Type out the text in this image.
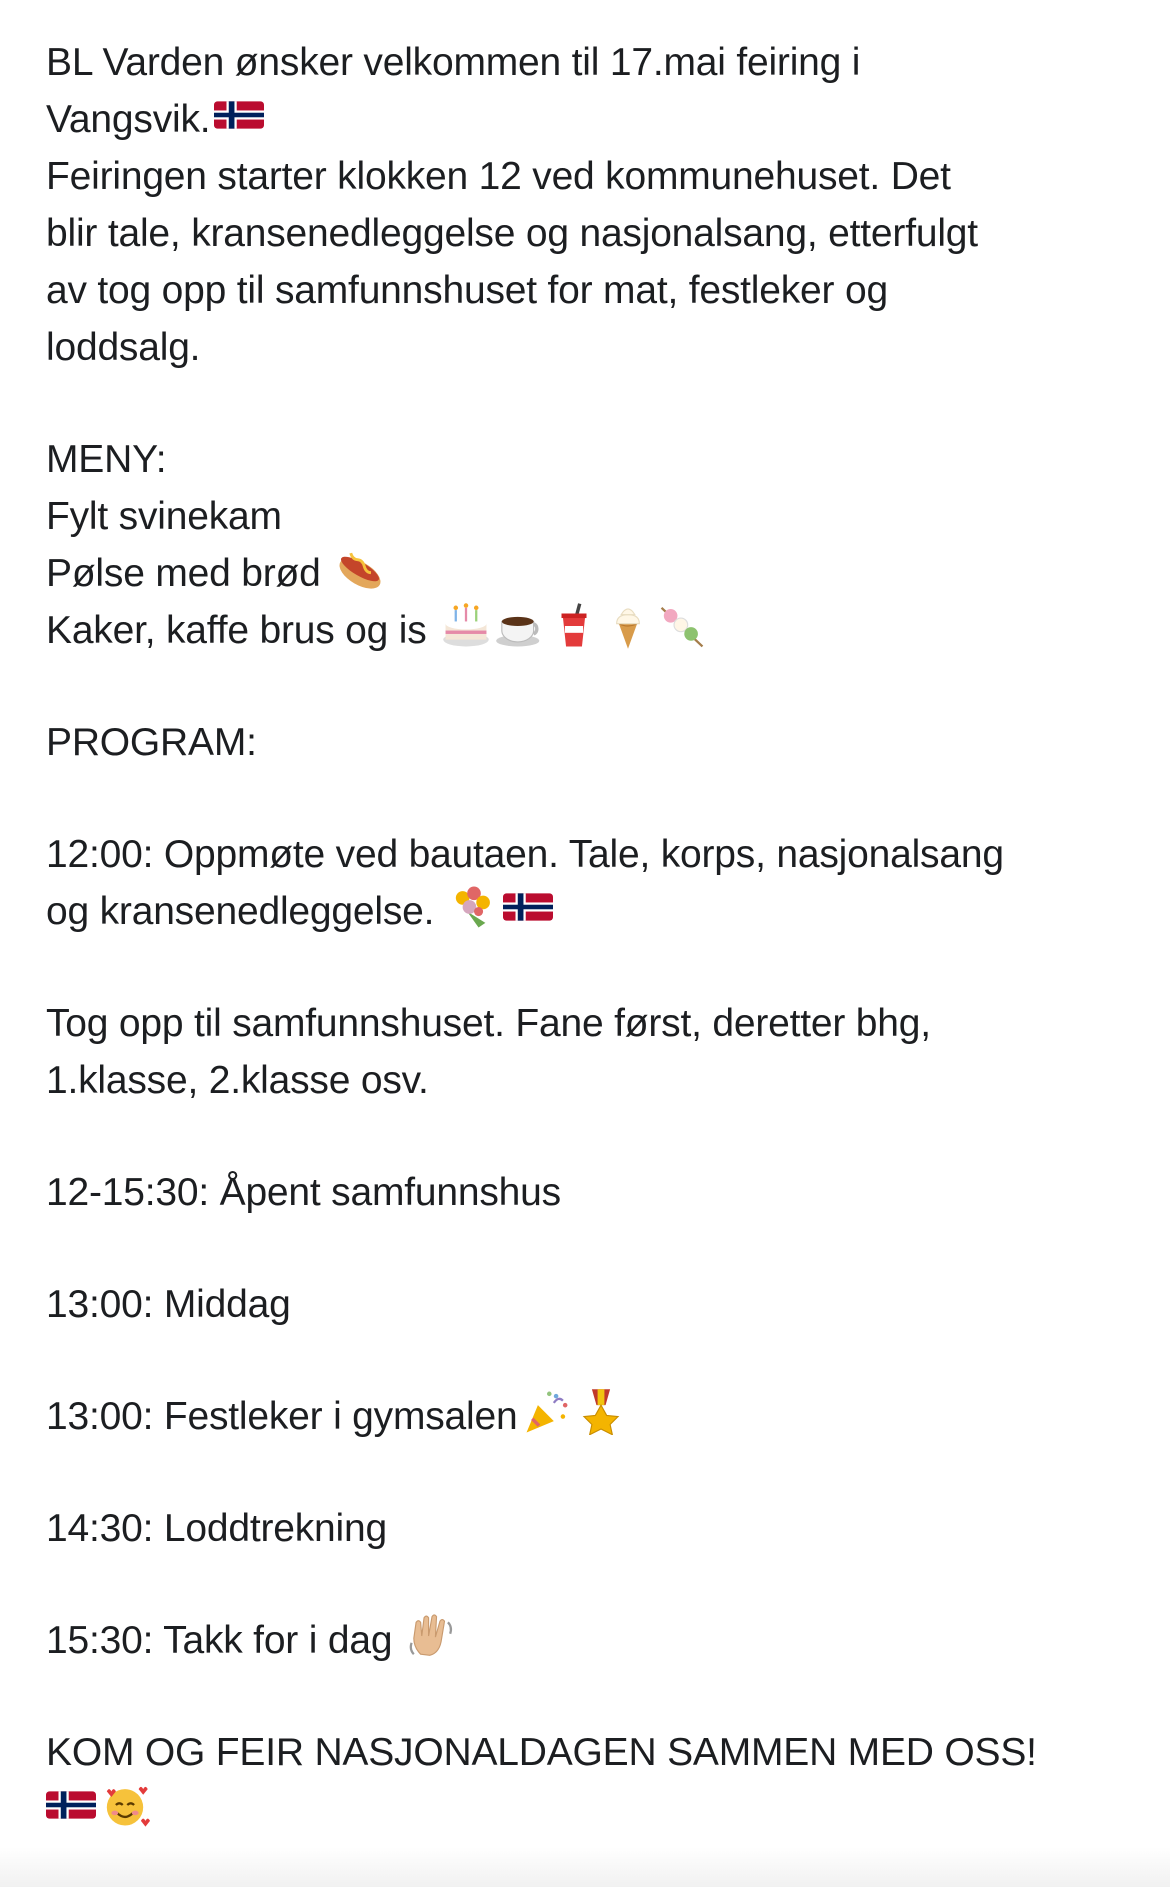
BL Varden ønsker velkommen til 17.mai feiring i
Vangsvik.
Feiringen starter klokken 12 ved kommunehuset. Det
blir tale, kransenedleggelse og nasjonalsang, etterfulgt
av tog opp til samfunnshuset for mat, festleker og
loddsalg.
MENY:
Fylt svinekam
Pølse med brød
Kaker, kaffe brus og is
PROGRAM:
12:00: Oppmøte ved bautaen. Tale, korps, nasjonalsang
og kransenedleggelse.
Tog opp til samfunnshuset. Fane først, deretter bhg,
1.klasse, 2.klasse osv.
12-15:30: Åpent samfunnshus
13:00: Middag
13:00: Festleker i gymsalen
14:30: Loddtrekning
15:30: Takk for i dag
KOM OG FEIR NASJONALDAGEN SAMMEN MED OSS!
